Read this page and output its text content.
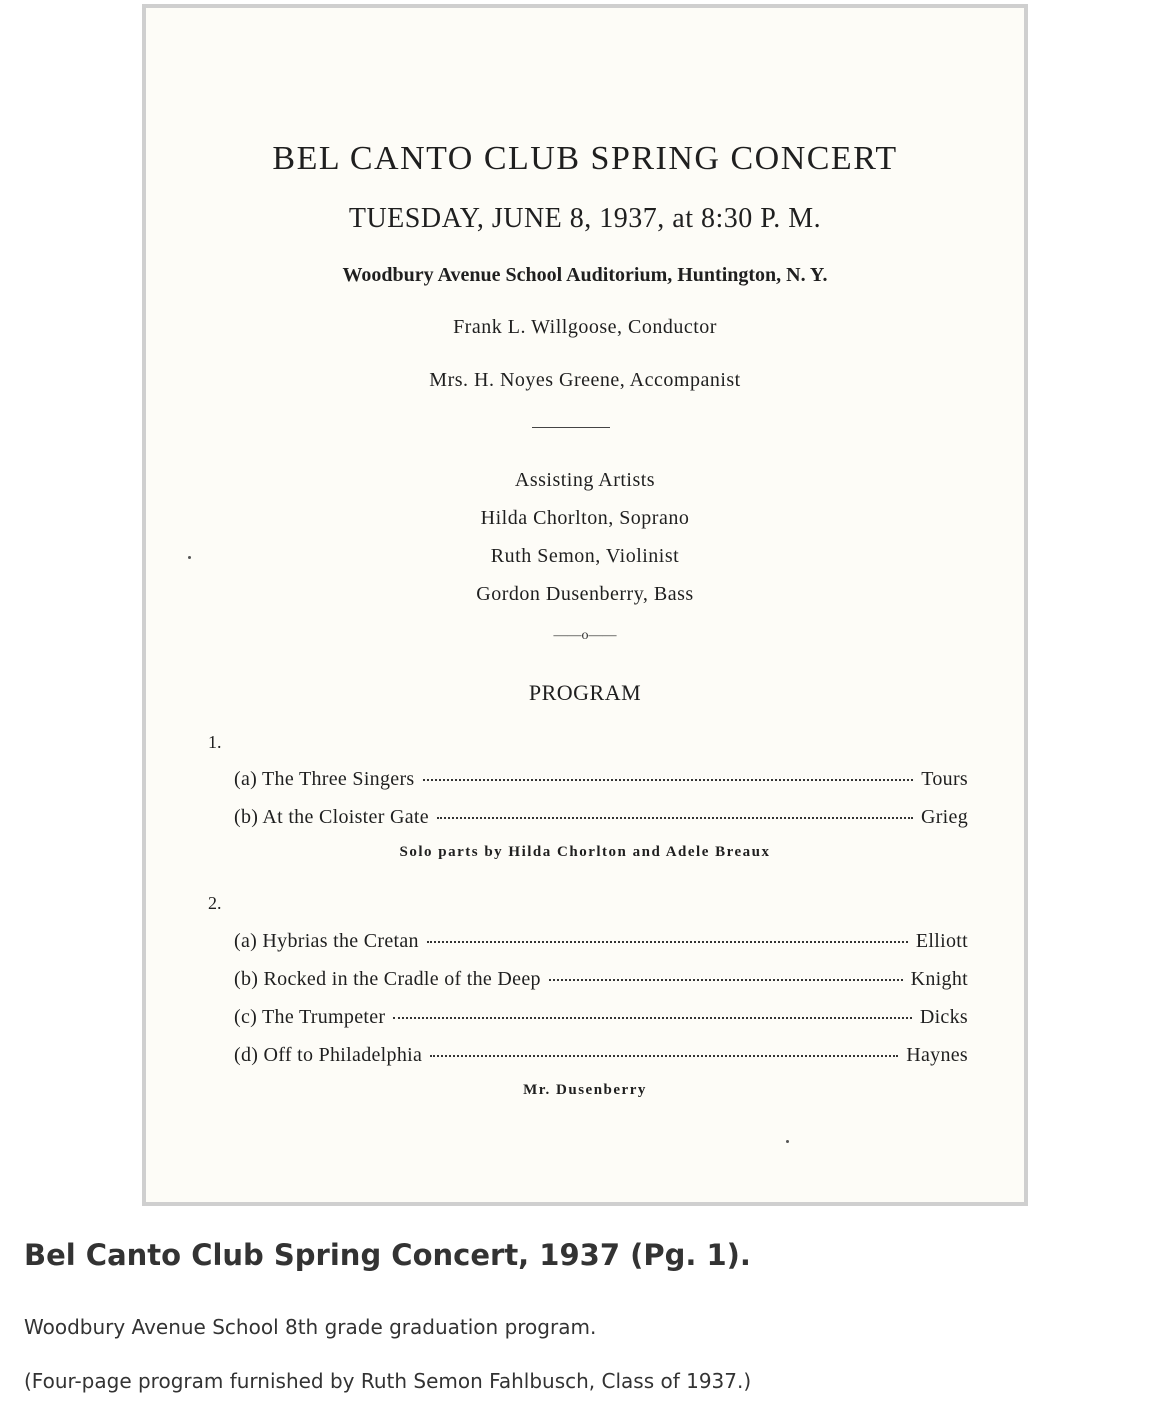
BEL CANTO CLUB SPRING CONCERT
TUESDAY, JUNE 8, 1937, at 8:30 P. M.
Woodbury Avenue School Auditorium, Huntington, N. Y.
Frank L. Willgoose, Conductor
Mrs. H. Noyes Greene, Accompanist
Assisting Artists
Hilda Chorlton, Soprano
Ruth Semon, Violinist
Gordon Dusenberry, Bass
——o——
PROGRAM
1.
(a) The Three Singers	Tours
(b) At the Cloister Gate	Grieg
Solo parts by Hilda Chorlton and Adele Breaux
2.
(a) Hybrias the Cretan	Elliott
(b) Rocked in the Cradle of the Deep	Knight
(c) The Trumpeter	Dicks
(d) Off to Philadelphia	Haynes
Mr. Dusenberry
Bel Canto Club Spring Concert, 1937 (Pg. 1).
Woodbury Avenue School 8th grade graduation program.
(Four-page program furnished by Ruth Semon Fahlbusch, Class of 1937.)
